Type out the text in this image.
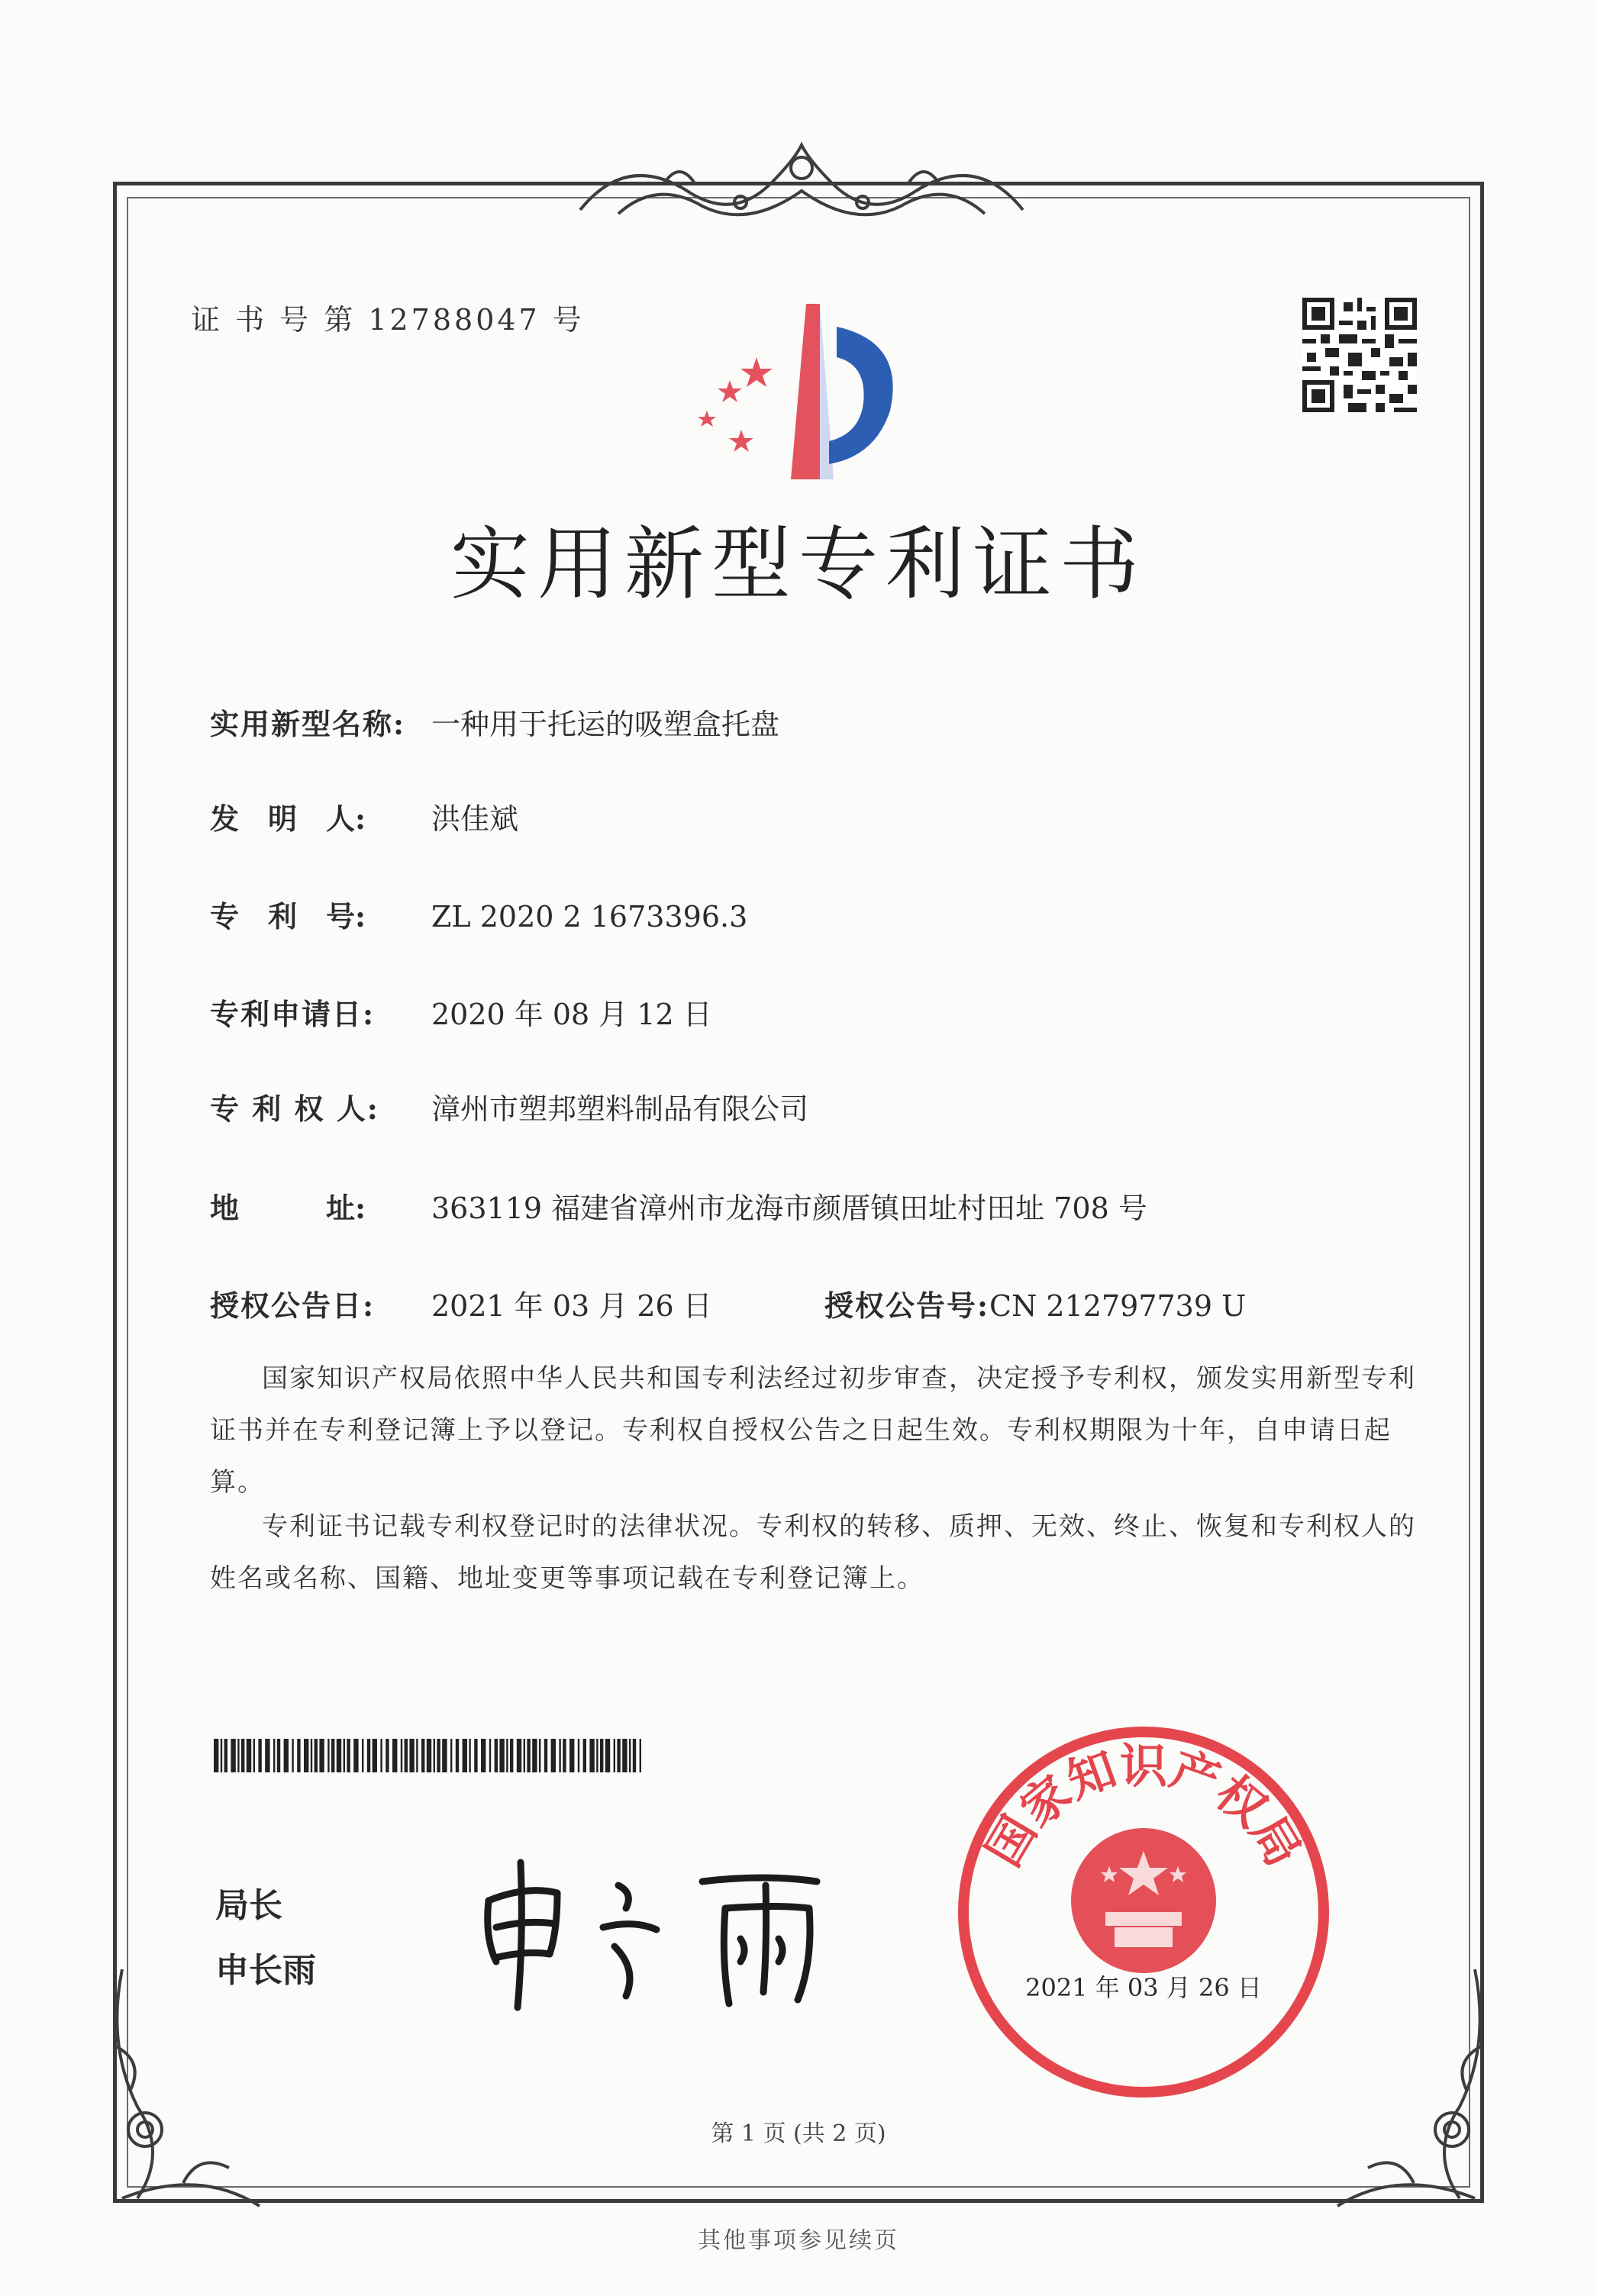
证 书 号 第 12788047 号
实用新型专利证书
实用新型名称: 一种用于托运的吸塑盒托盘
发　明　人: 洪佳斌
专　利　号: ZL 2020 2 1673396.3
专利申请日: 2020 年 08 月 12 日
专 利 权 人: 漳州市塑邦塑料制品有限公司
地　　　址: 363119 福建省漳州市龙海市颜厝镇田址村田址 708 号
授权公告日: 2021 年 03 月 26 日	授权公告号:CN 212797739 U
国家知识产权局依照中华人民共和国专利法经过初步审查，决定授予专利权，颁发实用新型专利证书并在专利登记簿上予以登记。专利权自授权公告之日起生效。专利权期限为十年，自申请日起算。
专利证书记载专利权登记时的法律状况。专利权的转移、质押、无效、终止、恢复和专利权人的姓名或名称、国籍、地址变更等事项记载在专利登记簿上。
局长
申长雨
国家知识产权局
2021 年 03 月 26 日
第 1 页 (共 2 页)
其他事项参见续页
